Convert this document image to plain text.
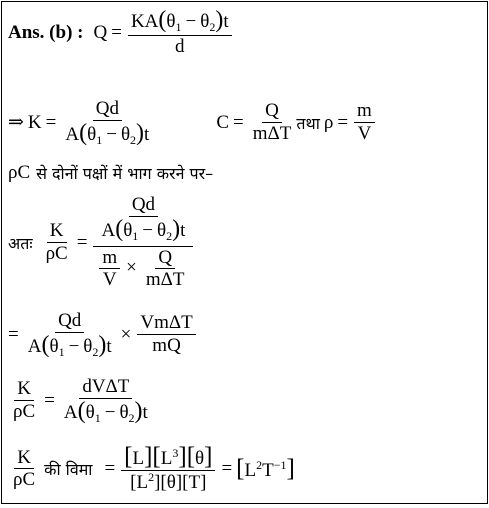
Ans. (b) : $Q = \frac{KA(\theta_1 - \theta_2)t}{d}$
⇒ $K = \frac{Qd}{A(\theta_1 - \theta_2)t}$	$C = \frac{Q}{\text{mΔT}}$ तथा $\rho = \frac{m}{V}$
ρC से दोनों पक्षों में भाग करने पर–
अतः $\frac{K}{\rho C} = \frac{\frac{Qd}{A(\theta_1 - \theta_2)t}}{\frac{m}{V} \times \frac{Q}{\text{mΔT}}}$
= $\frac{Qd}{A(\theta_1 - \theta_2)t} \times \frac{\text{VmΔT}}{mQ}$
$\frac{K}{\rho C} = \frac{\text{dVΔT}}{A(\theta_1 - \theta_2)t}$
$\frac{K}{\rho C}$ की विमा = $\frac{[L][L^3][\theta]}{[L^2][\theta][T]} = [L^2T^{-1}]$
